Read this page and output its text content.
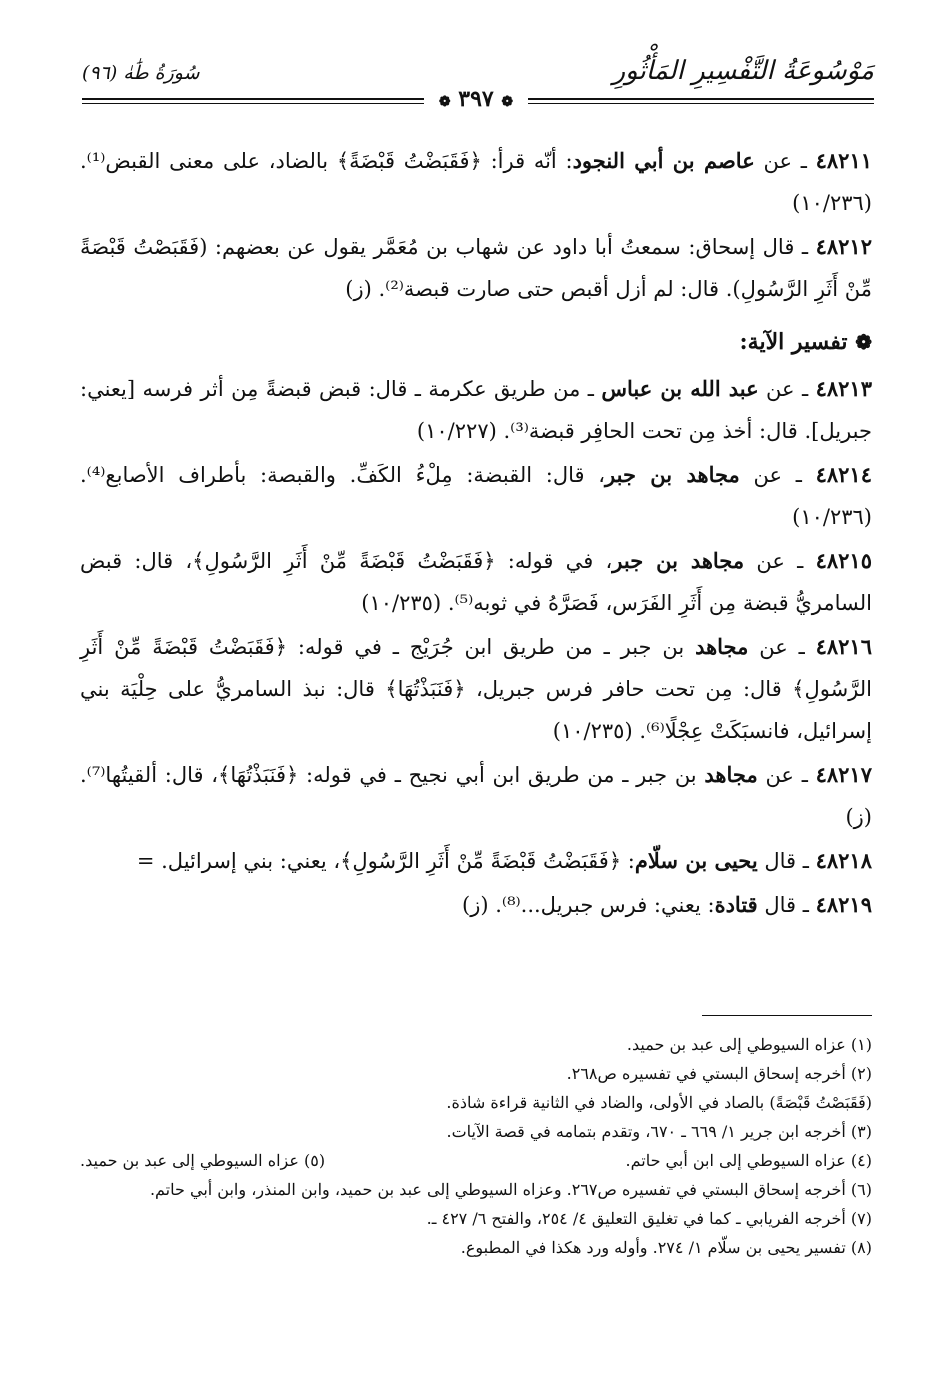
مَوْسُوعَةُ التَّفْسِيرِ المَأْثُورِ
سُورَةُ طَٰهٰ (٩٦)
❁ ٣٩٧ ❁

٤٨٢١١ ـ عن عاصم بن أبي النجود: أنّه قرأ: ﴿فَقَبَضْتُ قَبْضَةً﴾ بالضاد، على معنى القبض⁽¹⁾. (١٠/٢٣٦)

٤٨٢١٢ ـ قال إسحاق: سمعتُ أبا داود عن شهاب بن مُعَمَّر يقول عن بعضهم: (فَقَبَصْتُ قَبْصَةً مِّنْ أَثَرِ الرَّسُولِ). قال: لم أزل أقبص حتى صارت قبصة⁽²⁾. (ز)

❁ تفسير الآية:

٤٨٢١٣ ـ عن عبد الله بن عباس ـ من طريق عكرمة ـ قال: قبض قبضةً مِن أثر فرسه [يعني: جبريل]. قال: أخذ مِن تحت الحافِر قبضة⁽³⁾. (١٠/٢٢٧)

٤٨٢١٤ ـ عن مجاهد بن جبر، قال: القبضة: مِلْءُ الكَفِّ. والقبصة: بأطراف الأصابع⁽⁴⁾. (١٠/٢٣٦)

٤٨٢١٥ ـ عن مجاهد بن جبر، في قوله: ﴿فَقَبَضْتُ قَبْضَةً مِّنْ أَثَرِ الرَّسُولِ﴾، قال: قبض السامريُّ قبضة مِن أَثَرِ الفَرَس، فَصَرَّهُ في ثوبه⁽⁵⁾. (١٠/٢٣٥)

٤٨٢١٦ ـ عن مجاهد بن جبر ـ من طريق ابن جُرَيْج ـ في قوله: ﴿فَقَبَضْتُ قَبْضَةً مِّنْ أَثَرِ الرَّسُولِ﴾ قال: مِن تحت حافر فرس جبريل، ﴿فَنَبَذْتُهَا﴾ قال: نبذ السامريُّ على حِلْيَة بني إسرائيل، فانسبَكَتْ عِجْلًا⁽⁶⁾. (١٠/٢٣٥)

٤٨٢١٧ ـ عن مجاهد بن جبر ـ من طريق ابن أبي نجيح ـ في قوله: ﴿فَنَبَذْتُهَا﴾، قال: ألقيتُها⁽⁷⁾. (ز)

٤٨٢١٨ ـ قال يحيى بن سلّام: ﴿فَقَبَضْتُ قَبْضَةً مِّنْ أَثَرِ الرَّسُولِ﴾، يعني: بني إسرائيل. =

٤٨٢١٩ ـ قال قتادة: يعني: فرس جبريل...⁽⁸⁾. (ز)

(١) عزاه السيوطي إلى عبد بن حميد.

(٢) أخرجه إسحاق البستي في تفسيره ص٢٦٨.

(فَقَبَصْتُ قَبْصَةً) بالصاد في الأولى، والضاد في الثانية قراءة شاذة.

(٣) أخرجه ابن جرير ١/ ٦٦٩ ـ ٦٧٠، وتقدم بتمامه في قصة الآيات.

(٤) عزاه السيوطي إلى ابن أبي حاتم.
(٥) عزاه السيوطي إلى عبد بن حميد.

(٦) أخرجه إسحاق البستي في تفسيره ص٢٦٧. وعزاه السيوطي إلى عبد بن حميد، وابن المنذر، وابن أبي حاتم.

(٧) أخرجه الفريابي ـ كما في تغليق التعليق ٤/ ٢٥٤، والفتح ٦/ ٤٢٧ ـ.

(٨) تفسير يحيى بن سلّام ١/ ٢٧٤. وأوله ورد هكذا في المطبوع.
